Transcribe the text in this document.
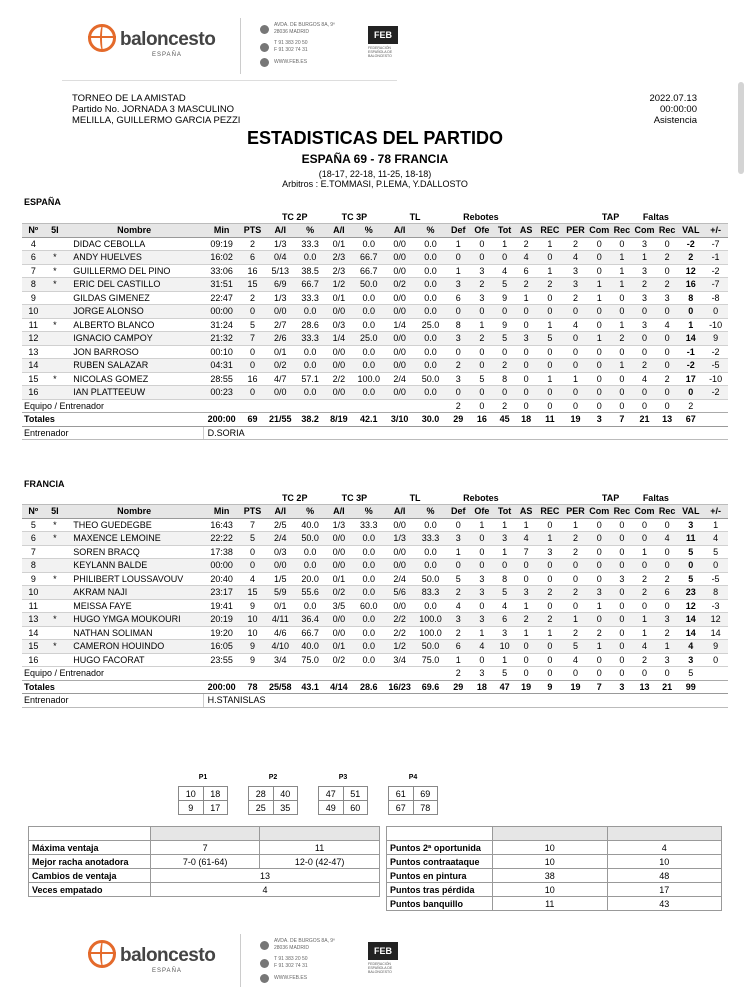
baloncesto
ESPAÑA
AVDA. DE BURGOS 8A, 9º
28036 MADRID
T 91 383 20 50
F 91 302 74 31
WWW.FEB.ES
FEB
FEDERACIÓN
ESPAÑOLA DE
BALONCESTO
TORNEO DE LA AMISTAD
Partido No. JORNADA 3 MASCULINO
MELILLA, GUILLERMO GARCIA PEZZI
2022.07.13
00:00:00
Asistencia
ESTADISTICAS DEL PARTIDO
ESPAÑA 69 - 78 FRANCIA
(18-17, 22-18, 11-25, 18-18)
Arbitros : E.TOMMASI, P.LEMA, Y.DALLOSTO
ESPAÑA
					TC 2P		TC 3P		TL		Rebotes						TAP		Faltas			
Nº	5I	Nombre	Min	PTS	A/I	%	A/I	%	A/I	%	Def	Ofe	Tot	AS	REC	PER	Com	Rec	Com	Rec	VAL	+/-
4		DIDAC CEBOLLA	09:19	2	1/3	33.3	0/1	0.0	0/0	0.0	1	0	1	2	1	2	0	0	3	0	-2	-7
6	*	ANDY HUELVES	16:02	6	0/4	0.0	2/3	66.7	0/0	0.0	0	0	0	4	0	4	0	1	1	2	2	-1
7	*	GUILLERMO DEL PINO	33:06	16	5/13	38.5	2/3	66.7	0/0	0.0	1	3	4	6	1	3	0	1	3	0	12	-2
8	*	ERIC DEL CASTILLO	31:51	15	6/9	66.7	1/2	50.0	0/2	0.0	3	2	5	2	2	3	1	1	2	2	16	-7
9		GILDAS GIMENEZ	22:47	2	1/3	33.3	0/1	0.0	0/0	0.0	6	3	9	1	0	2	1	0	3	3	8	-8
10		JORGE ALONSO	00:00	0	0/0	0.0	0/0	0.0	0/0	0.0	0	0	0	0	0	0	0	0	0	0	0	0
11	*	ALBERTO BLANCO	31:24	5	2/7	28.6	0/3	0.0	1/4	25.0	8	1	9	0	1	4	0	1	3	4	1	-10
12		IGNACIO CAMPOY	21:32	7	2/6	33.3	1/4	25.0	0/0	0.0	3	2	5	3	5	0	1	2	0	0	14	9
13		JON BARROSO	00:10	0	0/1	0.0	0/0	0.0	0/0	0.0	0	0	0	0	0	0	0	0	0	0	-1	-2
14		RUBEN SALAZAR	04:31	0	0/2	0.0	0/0	0.0	0/0	0.0	2	0	2	0	0	0	0	1	2	0	-2	-5
15	*	NICOLAS GOMEZ	28:55	16	4/7	57.1	2/2	100.0	2/4	50.0	3	5	8	0	1	1	0	0	4	2	17	-10
16		IAN PLATTEEUW	00:23	0	0/0	0.0	0/0	0.0	0/0	0.0	0	0	0	0	0	0	0	0	0	0	0	-2
Equipo / Entrenador											2	0	2	0	0	0	0	0	0	0	2	
Totales			200:00	69	21/55	38.2	8/19	42.1	3/10	30.0	29	16	45	18	11	19	3	7	21	13	67	
Entrenador			D.SORIA																			
FRANCIA
					TC 2P		TC 3P		TL		Rebotes						TAP		Faltas			
Nº	5I	Nombre	Min	PTS	A/I	%	A/I	%	A/I	%	Def	Ofe	Tot	AS	REC	PER	Com	Rec	Com	Rec	VAL	+/-
5	*	THEO GUEDEGBE	16:43	7	2/5	40.0	1/3	33.3	0/0	0.0	0	1	1	1	0	1	0	0	0	0	3	1
6	*	MAXENCE LEMOINE	22:22	5	2/4	50.0	0/0	0.0	1/3	33.3	3	0	3	4	1	2	0	0	0	4	11	4
7		SOREN BRACQ	17:38	0	0/3	0.0	0/0	0.0	0/0	0.0	1	0	1	7	3	2	0	0	1	0	5	5
8		KEYLANN BALDE	00:00	0	0/0	0.0	0/0	0.0	0/0	0.0	0	0	0	0	0	0	0	0	0	0	0	0
9	*	PHILIBERT LOUSSAVOUV	20:40	4	1/5	20.0	0/1	0.0	2/4	50.0	5	3	8	0	0	0	0	3	2	2	5	-5
10		AKRAM NAJI	23:17	15	5/9	55.6	0/2	0.0	5/6	83.3	2	3	5	3	2	2	3	0	2	6	23	8
11		MEISSA FAYE	19:41	9	0/1	0.0	3/5	60.0	0/0	0.0	4	0	4	1	0	0	1	0	0	0	12	-3
13	*	HUGO YMGA MOUKOURI	20:19	10	4/11	36.4	0/0	0.0	2/2	100.0	3	3	6	2	2	1	0	0	1	3	14	12
14		NATHAN SOLIMAN	19:20	10	4/6	66.7	0/0	0.0	2/2	100.0	2	1	3	1	1	2	2	0	1	2	14	14
15	*	CAMERON HOUINDO	16:05	9	4/10	40.0	0/1	0.0	1/2	50.0	6	4	10	0	0	5	1	0	4	1	4	9
16		HUGO FACORAT	23:55	9	3/4	75.0	0/2	0.0	3/4	75.0	1	0	1	0	0	4	0	0	2	3	3	0
Equipo / Entrenador											2	3	5	0	0	0	0	0	0	0	5	
Totales			200:00	78	25/58	43.1	4/14	28.6	16/23	69.6	29	18	47	19	9	19	7	3	13	21	99	
Entrenador			H.STANISLAS																			
P1
10	18
9	17
P2
28	40
25	35
P3
47	51
49	60
P4
61	69
67	78

Máxima ventaja	7	11
Mejor racha anotadora	7-0 (61-64)	12-0 (42-47)
Cambios de ventaja	13	
Veces empatado	4	

Puntos 2ª oportunida	10	4
Puntos contraataque	10	10
Puntos en pintura	38	48
Puntos tras pérdida	10	17
Puntos banquillo	11	43
baloncesto
ESPAÑA
AVDA. DE BURGOS 8A, 9º
28036 MADRID
T 91 383 20 50
F 91 302 74 31
WWW.FEB.ES
FEB
FEDERACIÓN
ESPAÑOLA DE
BALONCESTO
